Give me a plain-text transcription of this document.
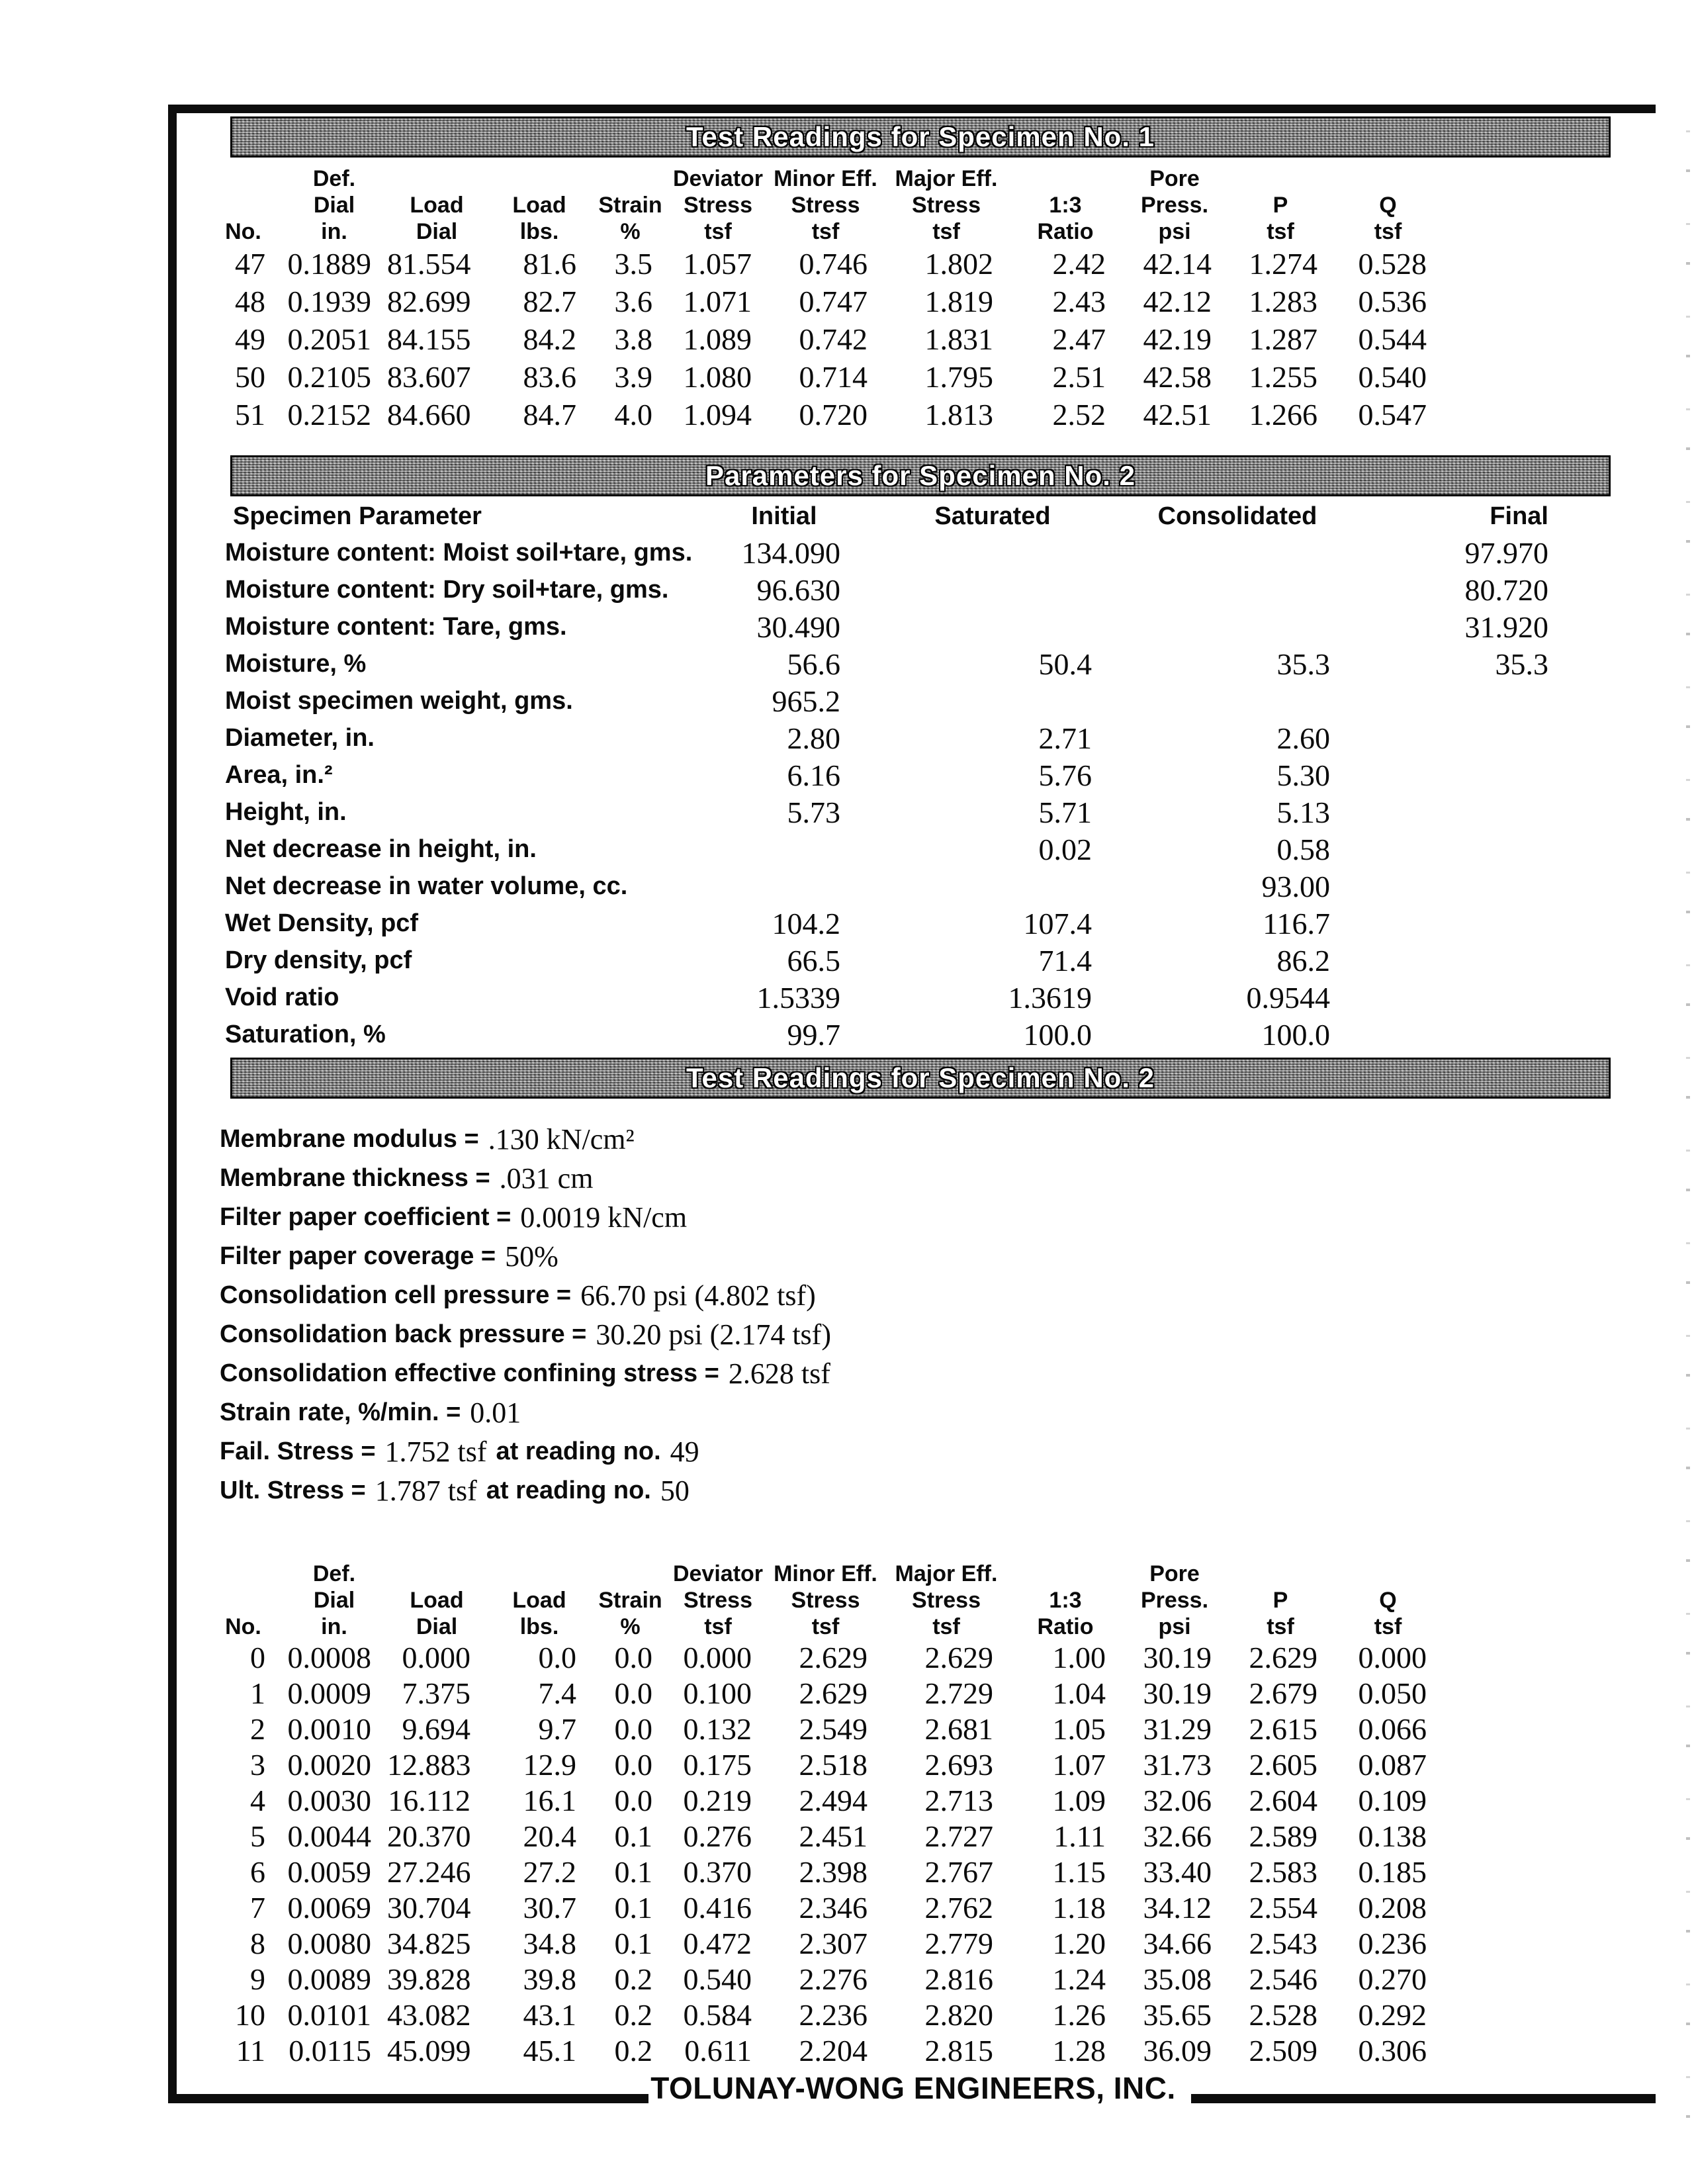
Test Readings for Specimen No. 1
	Def.				Deviator	Minor Eff.	Major Eff.		Pore		
	Dial	Load	Load	Strain	Stress	Stress	Stress	1:3	Press.	P	Q
No.	in.	Dial	lbs.	%	tsf	tsf	tsf	Ratio	psi	tsf	tsf
47	0.1889	81.554	81.6	3.5	1.057	0.746	1.802	2.42	42.14	1.274	0.528
48	0.1939	82.699	82.7	3.6	1.071	0.747	1.819	2.43	42.12	1.283	0.536
49	0.2051	84.155	84.2	3.8	1.089	0.742	1.831	2.47	42.19	1.287	0.544
50	0.2105	83.607	83.6	3.9	1.080	0.714	1.795	2.51	42.58	1.255	0.540
51	0.2152	84.660	84.7	4.0	1.094	0.720	1.813	2.52	42.51	1.266	0.547
Parameters for Specimen No. 2
Specimen Parameter	Initial	Saturated	Consolidated	Final
Moisture content: Moist soil+tare, gms.	134.090			97.970
Moisture content: Dry soil+tare, gms.	96.630			80.720
Moisture content: Tare, gms.	30.490			31.920
Moisture, %	56.6	50.4	35.3	35.3
Moist specimen weight, gms.	965.2			
Diameter, in.	2.80	2.71	2.60	
Area, in.²	6.16	5.76	5.30	
Height, in.	5.73	5.71	5.13	
Net decrease in height, in.		0.02	0.58	
Net decrease in water volume, cc.			93.00	
Wet Density, pcf	104.2	107.4	116.7	
Dry density, pcf	66.5	71.4	86.2	
Void ratio	1.5339	1.3619	0.9544	
Saturation, %	99.7	100.0	100.0	
Test Readings for Specimen No. 2
Membrane modulus = .130 kN/cm²
Membrane thickness = .031 cm
Filter paper coefficient = 0.0019 kN/cm
Filter paper coverage = 50%
Consolidation cell pressure = 66.70 psi (4.802 tsf)
Consolidation back pressure = 30.20 psi (2.174 tsf)
Consolidation effective confining stress = 2.628 tsf
Strain rate, %/min. = 0.01
Fail. Stress = 1.752 tsf at reading no. 49
Ult. Stress = 1.787 tsf at reading no. 50
	Def.				Deviator	Minor Eff.	Major Eff.		Pore		
	Dial	Load	Load	Strain	Stress	Stress	Stress	1:3	Press.	P	Q
No.	in.	Dial	lbs.	%	tsf	tsf	tsf	Ratio	psi	tsf	tsf
0	0.0008	0.000	0.0	0.0	0.000	2.629	2.629	1.00	30.19	2.629	0.000
1	0.0009	7.375	7.4	0.0	0.100	2.629	2.729	1.04	30.19	2.679	0.050
2	0.0010	9.694	9.7	0.0	0.132	2.549	2.681	1.05	31.29	2.615	0.066
3	0.0020	12.883	12.9	0.0	0.175	2.518	2.693	1.07	31.73	2.605	0.087
4	0.0030	16.112	16.1	0.0	0.219	2.494	2.713	1.09	32.06	2.604	0.109
5	0.0044	20.370	20.4	0.1	0.276	2.451	2.727	1.11	32.66	2.589	0.138
6	0.0059	27.246	27.2	0.1	0.370	2.398	2.767	1.15	33.40	2.583	0.185
7	0.0069	30.704	30.7	0.1	0.416	2.346	2.762	1.18	34.12	2.554	0.208
8	0.0080	34.825	34.8	0.1	0.472	2.307	2.779	1.20	34.66	2.543	0.236
9	0.0089	39.828	39.8	0.2	0.540	2.276	2.816	1.24	35.08	2.546	0.270
10	0.0101	43.082	43.1	0.2	0.584	2.236	2.820	1.26	35.65	2.528	0.292
11	0.0115	45.099	45.1	0.2	0.611	2.204	2.815	1.28	36.09	2.509	0.306
TOLUNAY-WONG ENGINEERS, INC.
